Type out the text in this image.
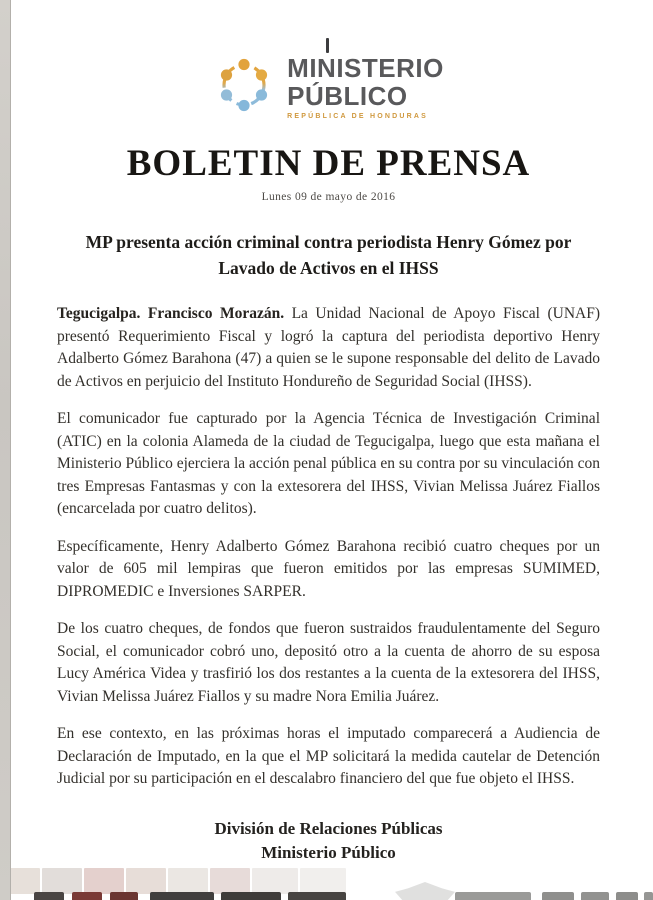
MINISTERIO
PÚBLICO
REPÚBLICA DE HONDURAS
BOLETIN DE PRENSA
Lunes 09 de mayo de 2016
MP presenta acción criminal contra periodista Henry Gómez por Lavado de Activos en el IHSS

Tegucigalpa. Francisco Morazán. La Unidad Nacional de Apoyo Fiscal (UNAF) presentó Requerimiento Fiscal y logró la captura del periodista deportivo Henry Adalberto Gómez Barahona (47) a quien se le supone responsable del delito de Lavado de Activos en perjuicio del Instituto Hondureño de Seguridad Social (IHSS).

El comunicador fue capturado por la Agencia Técnica de Investigación Criminal (ATIC) en la colonia Alameda de la ciudad de Tegucigalpa, luego que esta mañana el Ministerio Público ejerciera la acción penal pública en su contra por su vinculación con tres Empresas Fantasmas y con la extesorera del IHSS, Vivian Melissa Juárez Fiallos (encarcelada por cuatro delitos).

Específicamente, Henry Adalberto Gómez Barahona recibió cuatro cheques por un valor de 605 mil lempiras que fueron emitidos por las empresas SUMIMED, DIPROMEDIC e Inversiones SARPER.

De los cuatro cheques, de fondos que fueron sustraidos fraudulentamente del Seguro Social, el comunicador cobró uno, depositó otro a la cuenta de ahorro de su esposa Lucy América Videa y trasfirió los dos restantes a la cuenta de la extesorera del IHSS, Vivian Melissa Juárez Fiallos y su madre Nora Emilia Juárez.

En ese contexto, en las próximas horas el imputado comparecerá a Audiencia de Declaración de Imputado, en la que el MP solicitará la medida cautelar de Detención Judicial por su participación en el descalabro financiero del que fue objeto el IHSS.

División de Relaciones Públicas
Ministerio Público
